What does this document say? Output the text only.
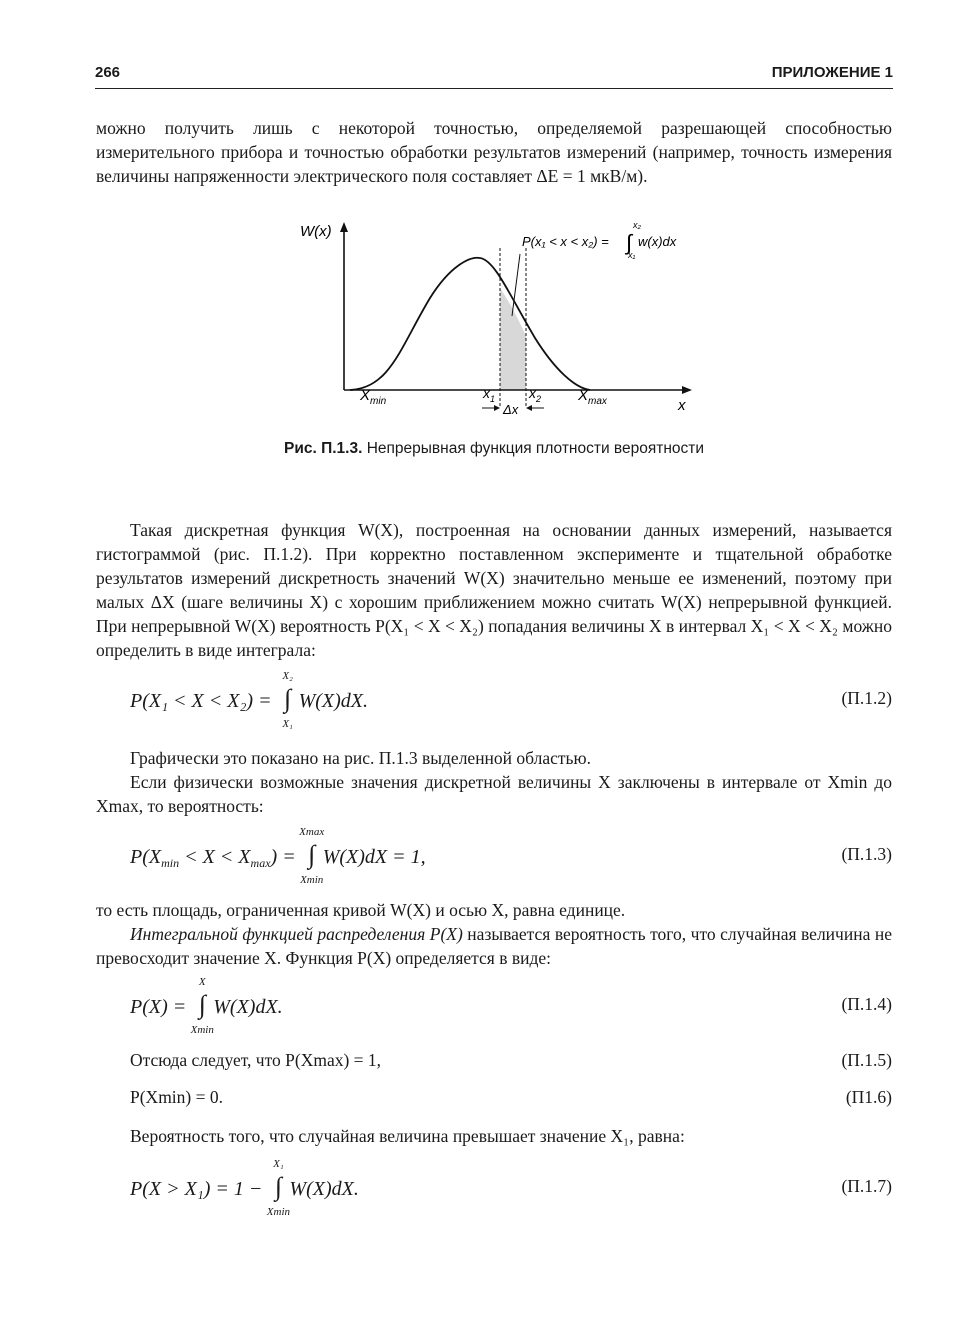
266	ПРИЛОЖЕНИЕ 1

можно получить лишь с некоторой точностью, определяемой разрешающей способностью измерительного прибора и точностью обработки результатов измерений (например, точность измерения величины напряженности электрического поля составляет ΔE = 1 мкВ/м).

W(x)
x
P(x₁ < x < x₂) = ∫
x₂
x₁
w(x)dx
$X_{min}$
$x_1$ $x_2$ $X_{max}$
Δx
Рис. П.1.3. Непрерывная функция плотности вероятности

Такая дискретная функция W(X), построенная на основании данных измерений, называется гистограммой (рис. П.1.2). При корректно поставленном эксперименте и тщательной обработке результатов измерений дискретность значений W(X) значительно меньше ее изменений, поэтому при малых ΔX (шаге величины X) с хорошим приближением можно считать W(X) непрерывной функцией. При непрерывной W(X) вероятность P(X₁ < X < X₂) попадания величины X в интервал X₁ < X < X₂ можно определить в виде интеграла:

P(X₁ < X < X₂) = ∫
X₂
X₁
W(X)dX.	(П.1.2)

Графически это показано на рис. П.1.3 выделенной областью.

Если физически возможные значения дискретной величины X заключены в интервале от Xmin до Xmax, то вероятность:

$P(X_{min} < X < X_{max})$ = ∫
Xmax
Xmin
W(X)dX = 1,	(П.1.3)

то есть площадь, ограниченная кривой W(X) и осью X, равна единице.

Интегральной функцией распределения P(X) называется вероятность того, что случайная величина не превосходит значение X. Функция P(X) определяется в виде:

P(X) = ∫
X
Xmin
W(X)dX.	(П.1.4)
Отсюда следует, что P(Xmax) = 1,	(П.1.5)
P(Xmin) = 0.	(П1.6)

Вероятность того, что случайная величина превышает значение X₁, равна:

P(X > X₁) = 1 − ∫
X₁
Xmin
W(X)dX.	(П.1.7)
